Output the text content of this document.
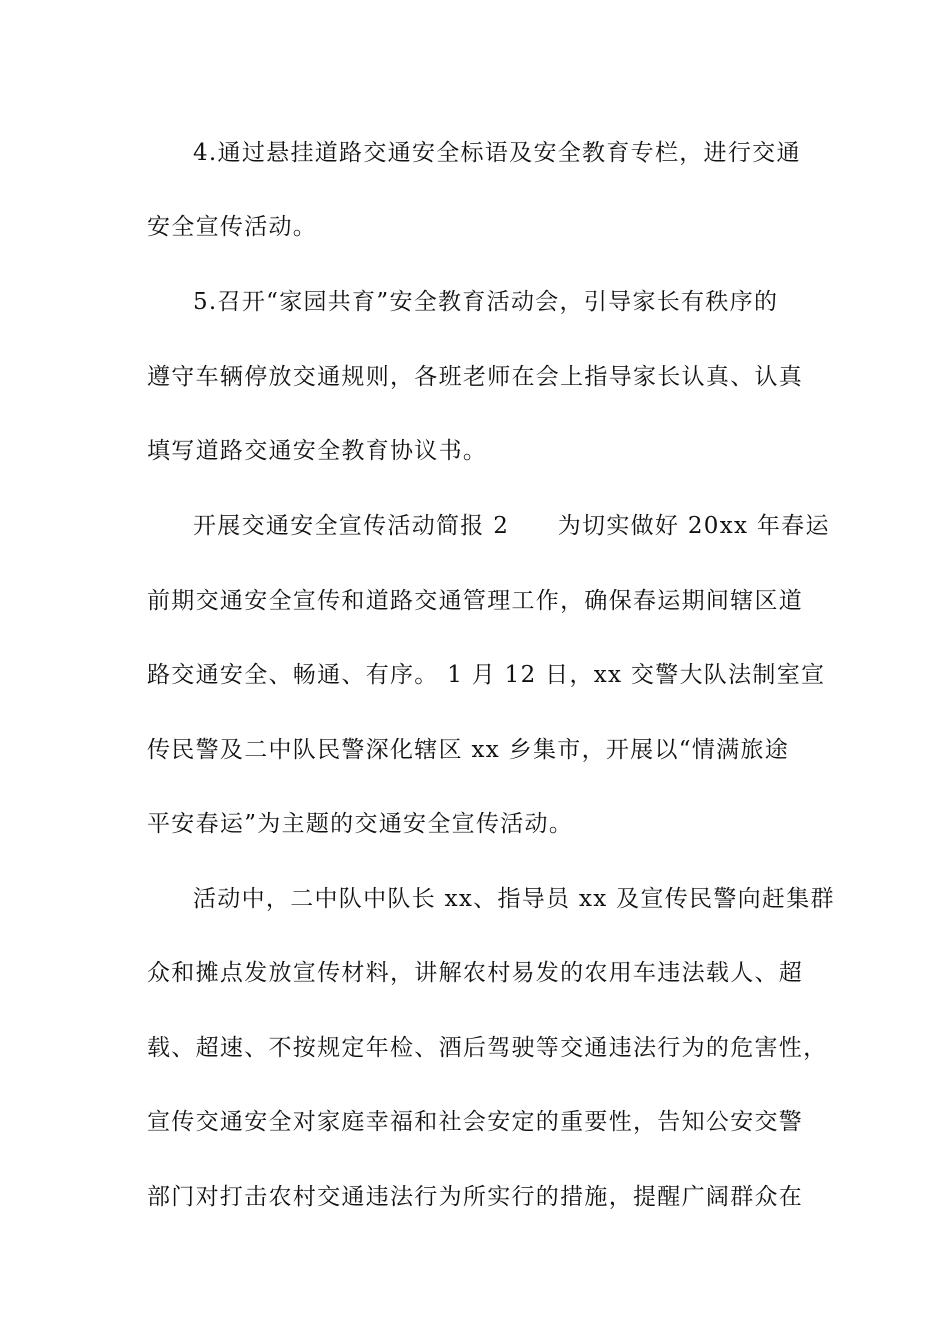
4.通过悬挂道路交通安全标语及安全教育专栏，进行交通
安全宣传活动。
5.召开“家园共育”安全教育活动会，引导家长有秩序的
遵守车辆停放交通规则，各班老师在会上指导家长认真、认真
填写道路交通安全教育协议书。
开展交通安全宣传活动简报 2　　为切实做好 20xx 年春运
前期交通安全宣传和道路交通管理工作，确保春运期间辖区道
路交通安全、畅通、有序。 1 月 12 日，xx 交警大队法制室宣
传民警及二中队民警深化辖区 xx 乡集市，开展以“情满旅途
平安春运”为主题的交通安全宣传活动。
活动中，二中队中队长 xx、指导员 xx 及宣传民警向赶集群
众和摊点发放宣传材料，讲解农村易发的农用车违法载人、超
载、超速、不按规定年检、酒后驾驶等交通违法行为的危害性，
宣传交通安全对家庭幸福和社会安定的重要性，告知公安交警
部门对打击农村交通违法行为所实行的措施，提醒广阔群众在
